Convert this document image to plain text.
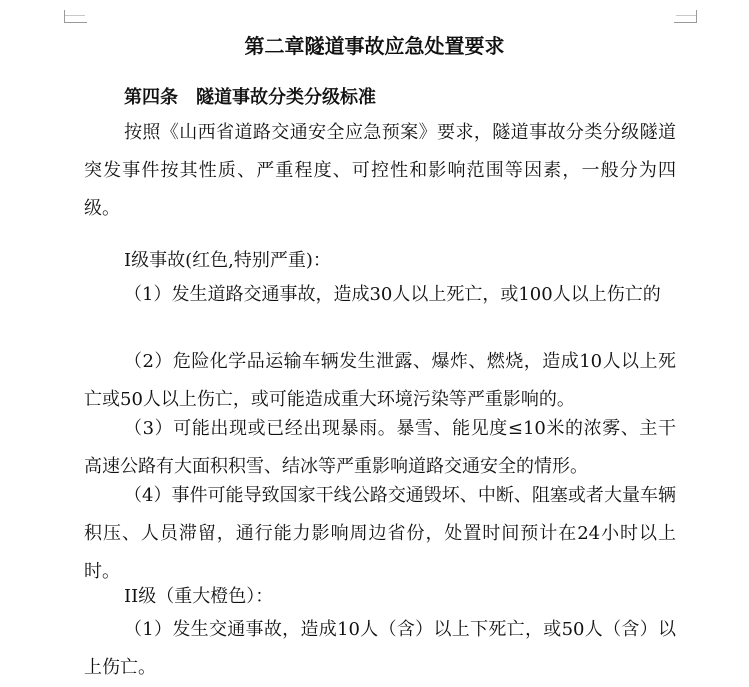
第二章隧道事故应急处置要求
第四条　隧道事故分类分级标准

按照《山西省道路交通安全应急预案》要求，隧道事故分类分级隧道突发事件按其性质、严重程度、可控性和影响范围等因素，一般分为四级。

I级事故(红色,特别严重)：

（1）发生道路交通事故，造成30人以上死亡，或100人以上伤亡的

（2）危险化学品运输车辆发生泄露、爆炸、燃烧，造成10人以上死亡或50人以上伤亡，或可能造成重大环境污染等严重影响的。

（3）可能出现或已经出现暴雨。暴雪、能见度≤10米的浓雾、主干高速公路有大面积积雪、结冰等严重影响道路交通安全的情形。

（4）事件可能导致国家干线公路交通毁坏、中断、阻塞或者大量车辆积压、人员滞留，通行能力影响周边省份，处置时间预计在24小时以上时。

II级（重大橙色）：

（1）发生交通事故，造成10人（含）以上下死亡，或50人（含）以上伤亡。
